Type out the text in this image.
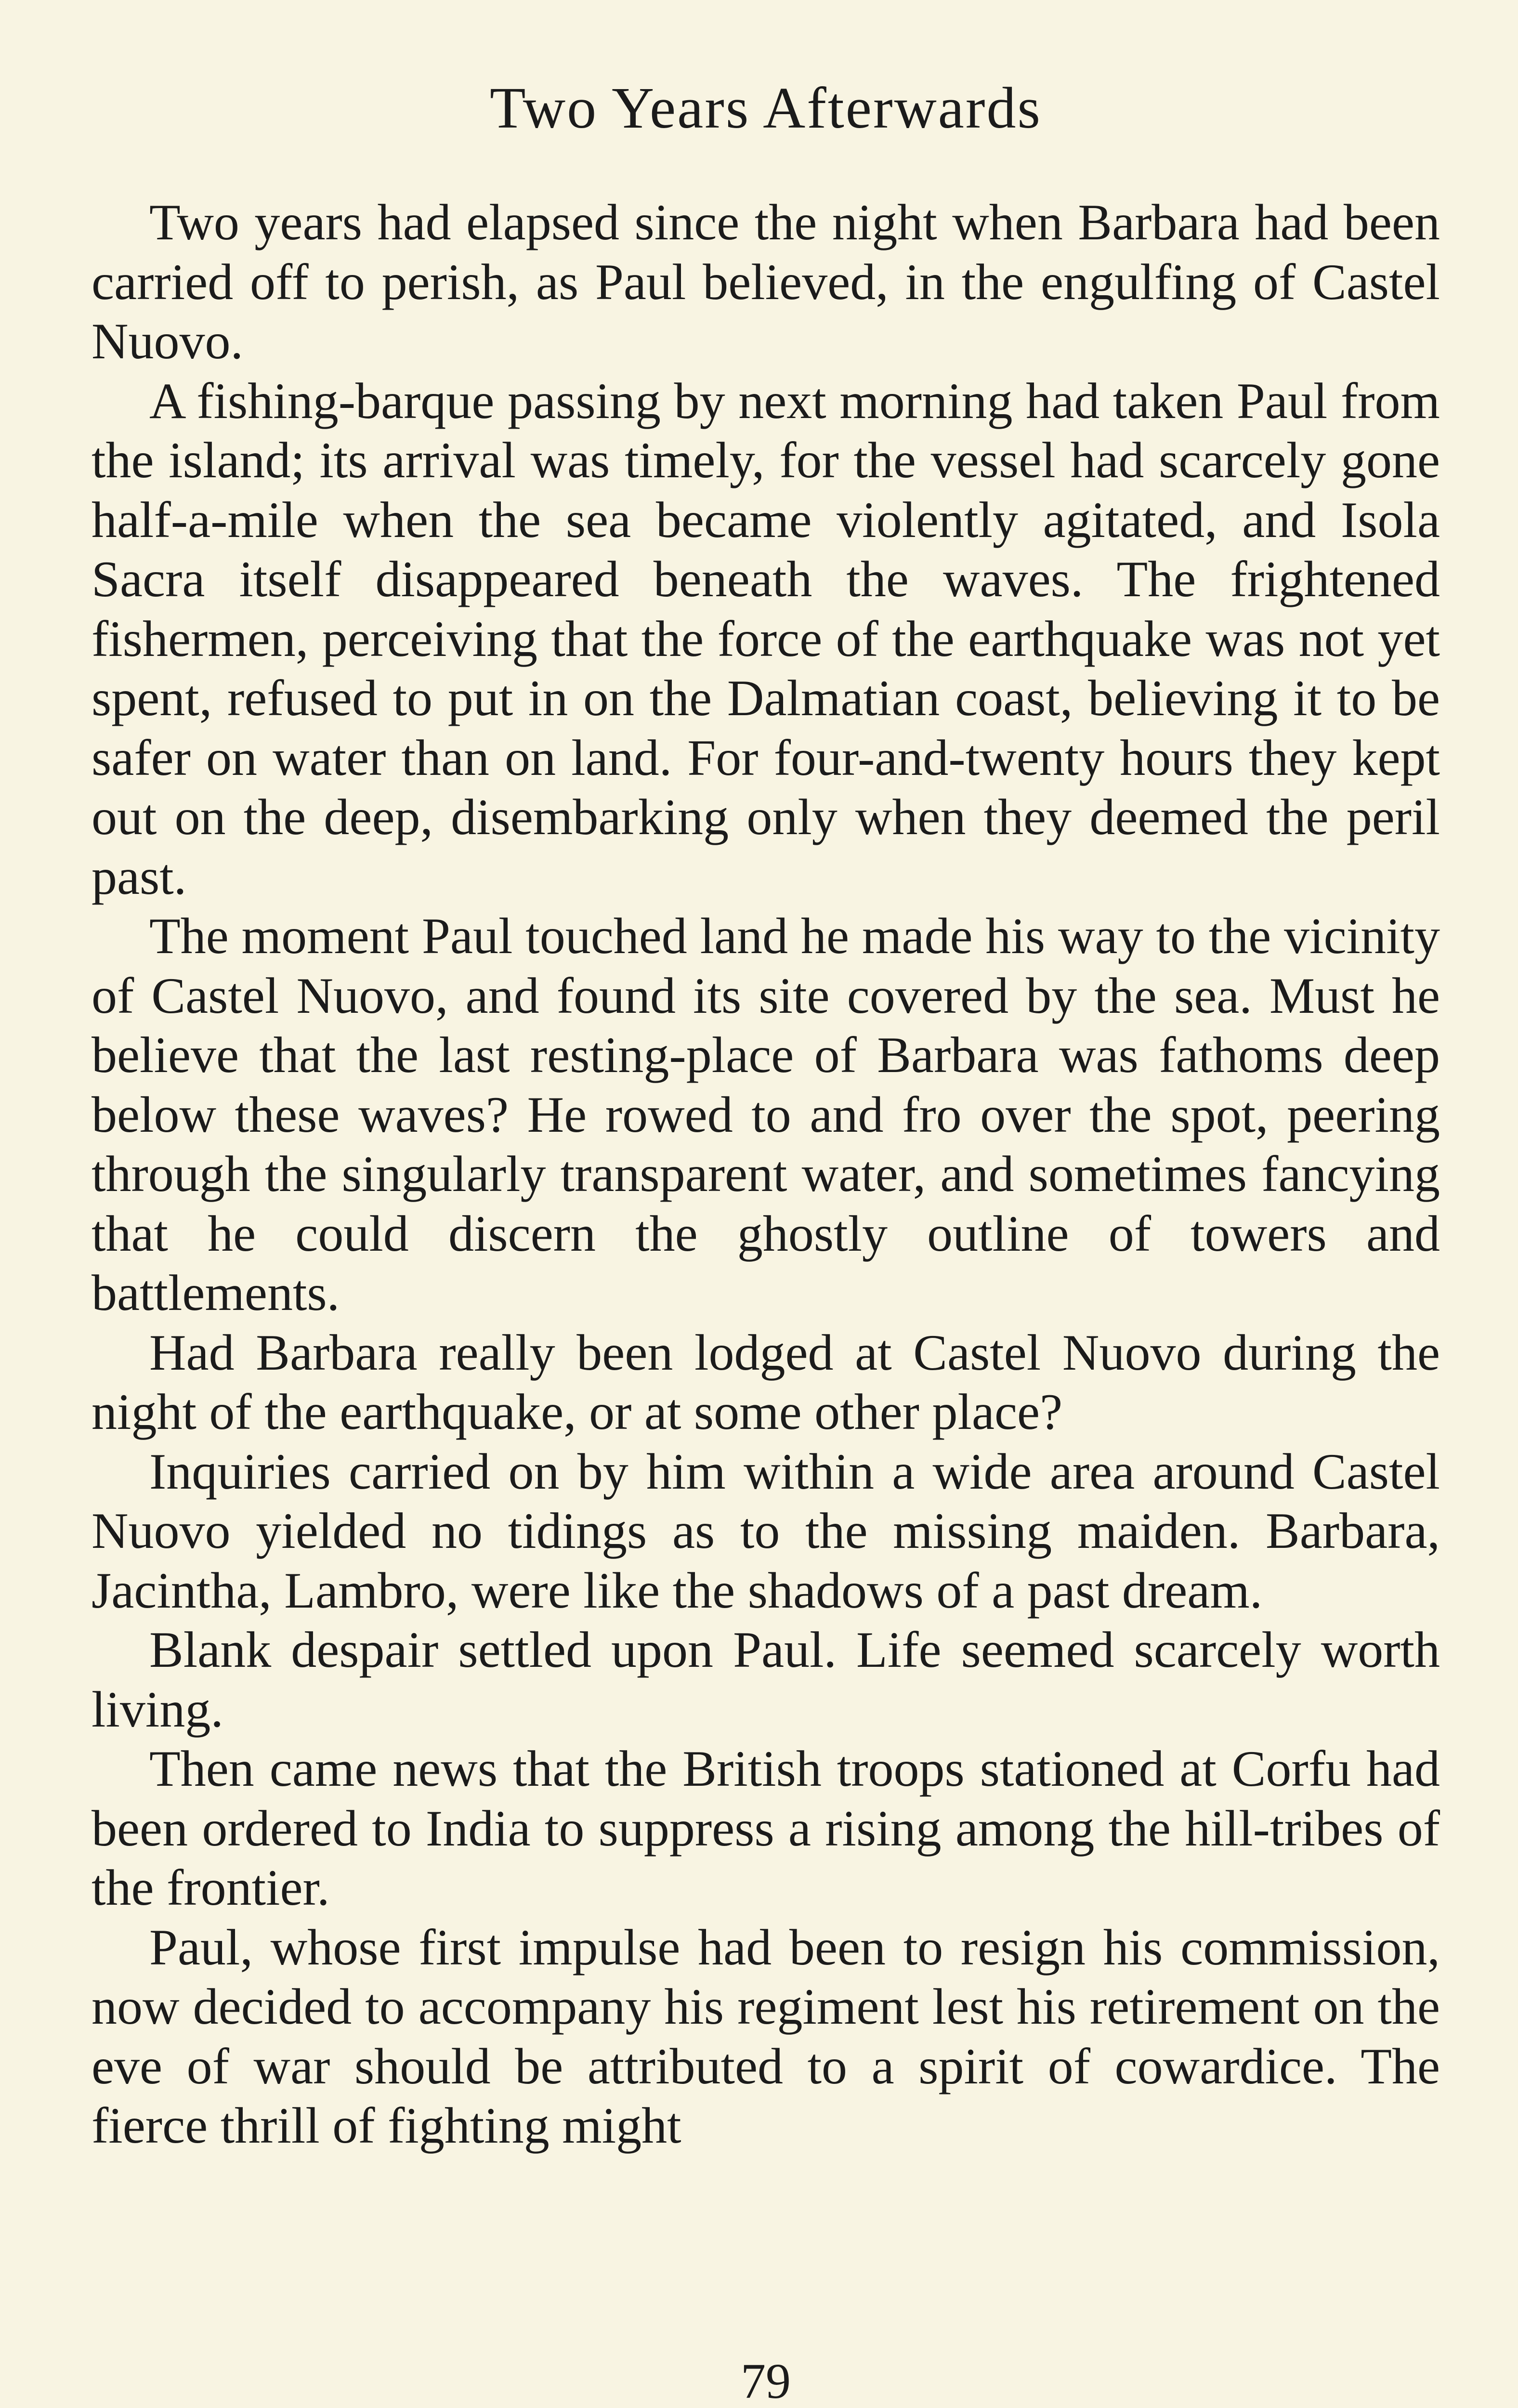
Two Years Afterwards

Two years had elapsed since the night when Barbara had been carried off to perish, as Paul believed, in the engulfing of Castel Nuovo.

A fishing-barque passing by next morning had taken Paul from the island; its arrival was timely, for the vessel had scarcely gone half-a-mile when the sea became violently agitated, and Isola Sacra itself disappeared beneath the waves. The frightened fishermen, perceiving that the force of the earthquake was not yet spent, refused to put in on the Dalmatian coast, believing it to be safer on water than on land. For four-and-twenty hours they kept out on the deep, disembarking only when they deemed the peril past.

The moment Paul touched land he made his way to the vicinity of Castel Nuovo, and found its site covered by the sea. Must he believe that the last resting-place of Barbara was fathoms deep below these waves? He rowed to and fro over the spot, peering through the singularly transparent water, and sometimes fancying that he could discern the ghostly outline of towers and battlements.

Had Barbara really been lodged at Castel Nuovo during the night of the earthquake, or at some other place?

Inquiries carried on by him within a wide area around Castel Nuovo yielded no tidings as to the missing maiden. Barbara, Jacintha, Lambro, were like the shadows of a past dream.

Blank despair settled upon Paul. Life seemed scarcely worth living.

Then came news that the British troops stationed at Corfu had been ordered to India to suppress a rising among the hill-tribes of the frontier.

Paul, whose first impulse had been to resign his commission, now decided to accompany his regiment lest his retirement on the eve of war should be attributed to a spirit of cowardice. The fierce thrill of fighting might

79
